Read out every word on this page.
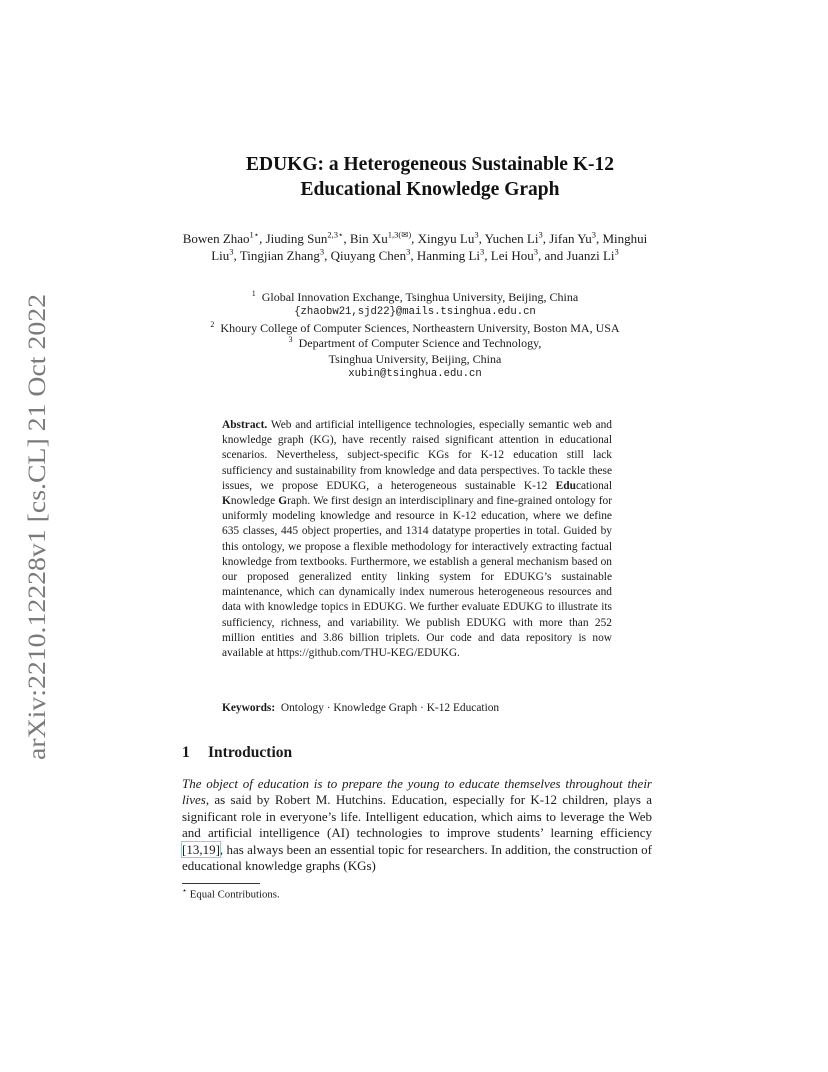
arXiv:2210.12228v1 [cs.CL] 21 Oct 2022
EDUKG: a Heterogeneous Sustainable K-12
Educational Knowledge Graph
Bowen Zhao$^{1⋆}$, Jiuding Sun$^{2,3⋆}$, Bin $Xu^{1,3(✉)}$, Xingyu Lu$^3$, Yuchen Li$^3$, Jifan Yu$^3$, Minghui Liu$^3$, Tingjian Zhang$^3$, Qiuyang Chen$^3$, Hanming Li$^3$, Lei Hou$^3$, and Juanzi Li$^3$
$^1$ Global Innovation Exchange, Tsinghua University, Beijing, China
{zhaobw21,sjd22}@mails.tsinghua.edu.cn
$^2$ Khoury College of Computer Sciences, Northeastern University, Boston MA, USA
$^3$ Department of Computer Science and Technology,
Tsinghua University, Beijing, China
xubin@tsinghua.edu.cn
Abstract. Web and artificial intelligence technologies, especially semantic web and knowledge graph (KG), have recently raised significant attention in educational scenarios. Nevertheless, subject-specific KGs for K-12 education still lack sufficiency and sustainability from knowledge and data perspectives. To tackle these issues, we propose EDUKG, a heterogeneous sustainable K-12 Educational Knowledge Graph. We first design an interdisciplinary and fine-grained ontology for uniformly modeling knowledge and resource in K-12 education, where we define 635 classes, 445 object properties, and 1314 datatype properties in total. Guided by this ontology, we propose a flexible methodology for interactively extracting factual knowledge from textbooks. Furthermore, we establish a general mechanism based on our proposed generalized entity linking system for EDUKG’s sustainable maintenance, which can dynamically index numerous heterogeneous resources and data with knowledge topics in EDUKG. We further evaluate EDUKG to illustrate its sufficiency, richness, and variability. We publish EDUKG with more than 252 million entities and 3.86 billion triplets. Our code and data repository is now available at https://github.com/THU-KEG/EDUKG.
Keywords: Ontology · Knowledge Graph · K-12 Education
1 Introduction
The object of education is to prepare the young to educate themselves throughout their lives, as said by Robert M. Hutchins. Education, especially for K-12 children, plays a significant role in everyone’s life. Intelligent education, which aims to leverage the Web and artificial intelligence (AI) technologies to improve students’ learning efficiency [13,19], has always been an essential topic for researchers. In addition, the construction of educational knowledge graphs (KGs)
⋆ Equal Contributions.
